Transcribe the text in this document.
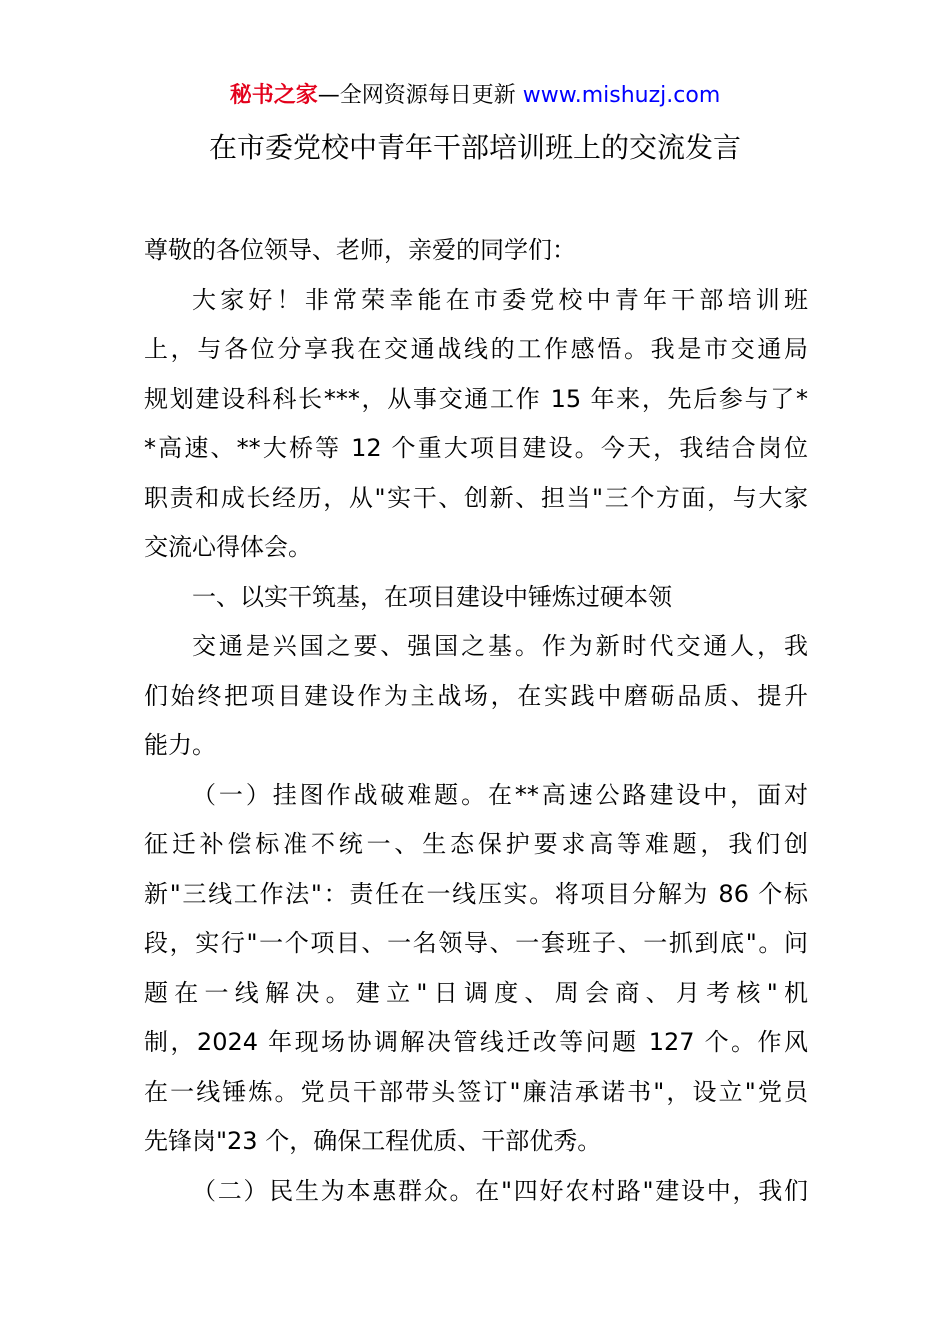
秘书之家—全网资源每日更新 www.mishuzj.com
在市委党校中青年干部培训班上的交流发言
尊敬的各位领导、老师，亲爱的同学们：
大家好！非常荣幸能在市委党校中青年干部培训班
上，与各位分享我在交通战线的工作感悟。我是市交通局
规划建设科科长***，从事交通工作 15 年来，先后参与了*
*高速、**大桥等 12 个重大项目建设。今天，我结合岗位
职责和成长经历，从"实干、创新、担当"三个方面，与大家
交流心得体会。
一、以实干筑基，在项目建设中锤炼过硬本领
交通是兴国之要、强国之基。作为新时代交通人，我
们始终把项目建设作为主战场，在实践中磨砺品质、提升
能力。
（一）挂图作战破难题。在**高速公路建设中，面对
征迁补偿标准不统一、生态保护要求高等难题，我们创
新"三线工作法"：责任在一线压实。将项目分解为 86 个标
段，实行"一个项目、一名领导、一套班子、一抓到底"。问
题在一线解决。建立"日调度、周会商、月考核"机
制，2024 年现场协调解决管线迁改等问题 127 个。作风
在一线锤炼。党员干部带头签订"廉洁承诺书"，设立"党员
先锋岗"23 个，确保工程优质、干部优秀。
（二）民生为本惠群众。在"四好农村路"建设中，我们
